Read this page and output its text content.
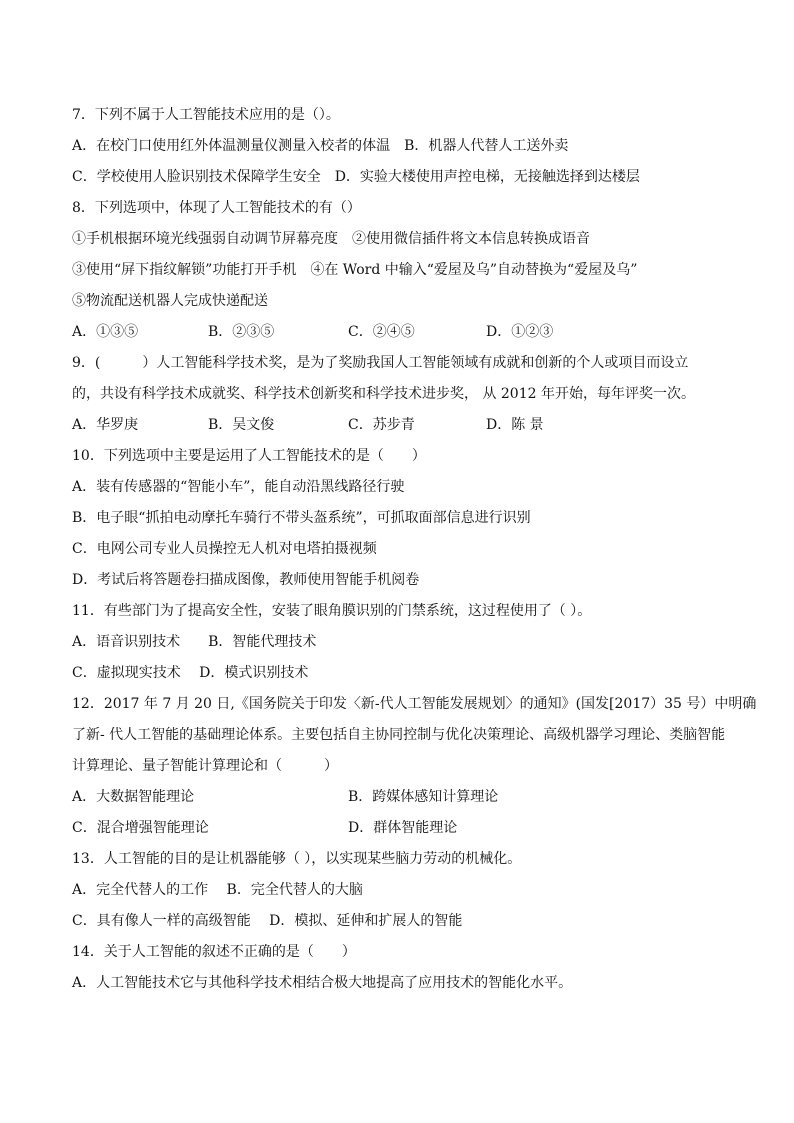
7．下列不属于人工智能技术应用的是（）。
A．在校门口使用红外体温测量仪测量入校者的体温　B．机器人代替人工送外卖
C．学校使用人脸识别技术保障学生安全　D．实验大楼使用声控电梯，无接触选择到达楼层
8．下列选项中，体现了人工智能技术的有（）
①手机根据环境光线强弱自动调节屏幕亮度　②使用微信插件将文本信息转换成语音
③使用“屏下指纹解锁”功能打开手机　④在 Word 中输入“爱屋及乌”自动替换为“爱屋及乌”
⑤物流配送机器人完成快递配送
A．①③⑤	B．②③⑤	C．②④⑤	D．①②③
9．(　　　）人工智能科学技术奖，是为了奖励我国人工智能领域有成就和创新的个人或项目而设立
的，共设有科学技术成就奖、科学技术创新奖和科学技术进步奖， 从 2012 年开始，每年评奖一次。
A．华罗庚	B．吴文俊	C．苏步青	D．陈 景
10．下列选项中主要是运用了人工智能技术的是（　　）
A．装有传感器的“智能小车”，能自动沿黑线路径行驶
B．电子眼“抓拍电动摩托车骑行不带头盔系统”，可抓取面部信息进行识别
C．电网公司专业人员操控无人机对电塔拍摄视频
D．考试后将答题卷扫描成图像，教师使用智能手机阅卷
11．有些部门为了提高安全性，安装了眼角膜识别的门禁系统，这过程使用了（ ）。
A．语音识别技术　　B．智能代理技术
C．虚拟现实技术　 D．模式识别技术
12．2017 年 7 月 20 日,《国务院关于印发〈新-代人工智能发展规划〉的通知》(国发[2017）35 号）中明确
了新- 代人工智能的基础理论体系。主要包括自主协同控制与优化决策理论、高级机器学习理论、类脑智能
计算理论、量子智能计算理论和（　　　）
A．大数据智能理论	B．跨媒体感知计算理论
C．混合增强智能理论	D．群体智能理论
13．人工智能的目的是让机器能够（ ），以实现某些脑力劳动的机械化。
A．完全代替人的工作　 B．完全代替人的大脑
C．具有像人一样的高级智能　 D．模拟、延伸和扩展人的智能
14．关于人工智能的叙述不正确的是（　　）
A．人工智能技术它与其他科学技术相结合极大地提高了应用技术的智能化水平。
